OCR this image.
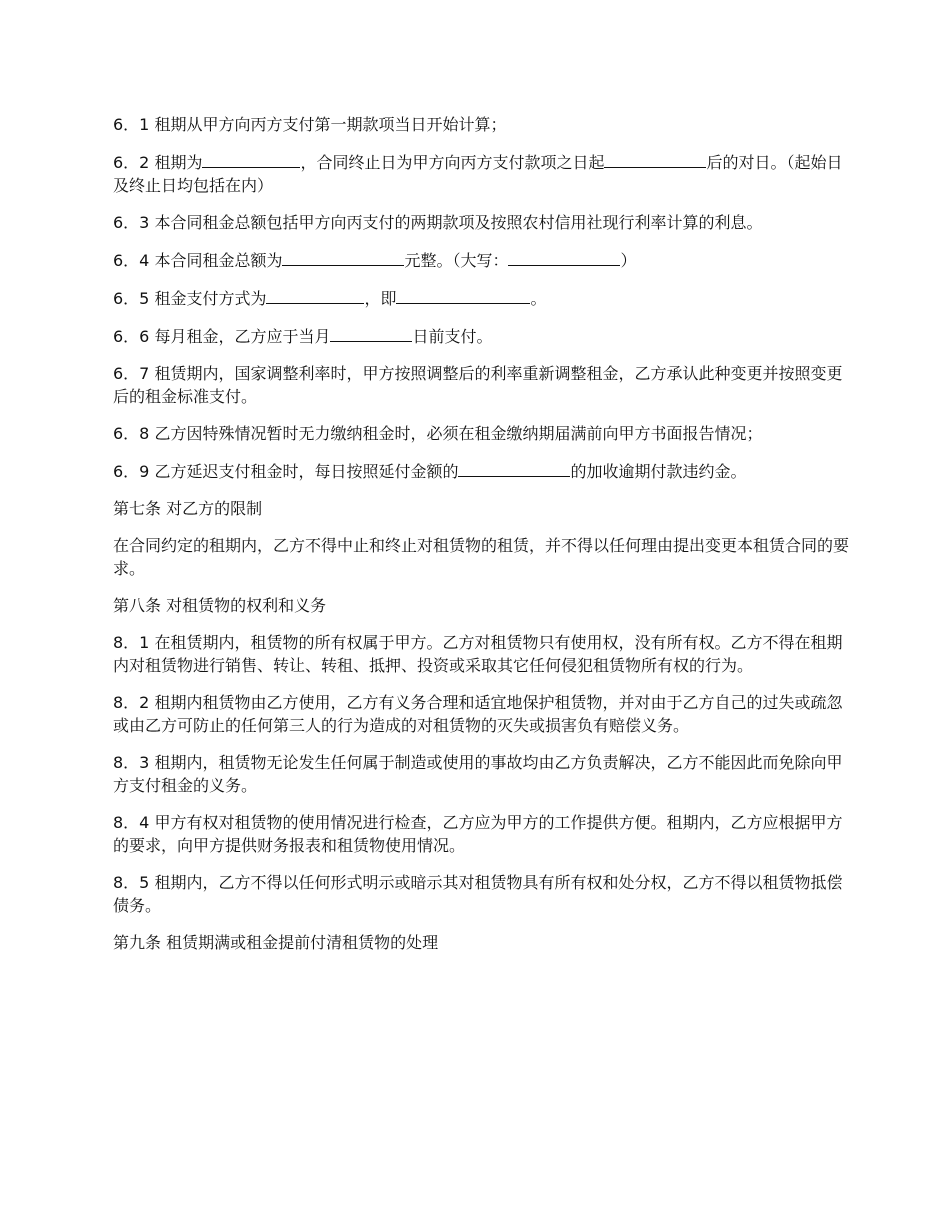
6．1 租期从甲方向丙方支付第一期款项当日开始计算；

6．2 租期为	，合同终止日为甲方向丙方支付款项之日起	后的对日。（起始日及终止日均包括在内）

6．3 本合同租金总额包括甲方向丙支付的两期款项及按照农村信用社现行利率计算的利息。

6．4 本合同租金总额为	元整。（大写：	）

6．5 租金支付方式为	，即	。

6．6 每月租金，乙方应于当月	日前支付。

6．7 租赁期内，国家调整利率时，甲方按照调整后的利率重新调整租金，乙方承认此种变更并按照变更后的租金标准支付。

6．8 乙方因特殊情况暂时无力缴纳租金时，必须在租金缴纳期届满前向甲方书面报告情况；

6．9 乙方延迟支付租金时，每日按照延付金额的	的加收逾期付款违约金。

第七条 对乙方的限制

在合同约定的租期内，乙方不得中止和终止对租赁物的租赁，并不得以任何理由提出变更本租赁合同的要求。

第八条 对租赁物的权利和义务

8．1 在租赁期内，租赁物的所有权属于甲方。乙方对租赁物只有使用权，没有所有权。乙方不得在租期内对租赁物进行销售、转让、转租、抵押、投资或采取其它任何侵犯租赁物所有权的行为。

8．2 租期内租赁物由乙方使用，乙方有义务合理和适宜地保护租赁物，并对由于乙方自己的过失或疏忽或由乙方可防止的任何第三人的行为造成的对租赁物的灭失或损害负有赔偿义务。

8．3 租期内，租赁物无论发生任何属于制造或使用的事故均由乙方负责解决，乙方不能因此而免除向甲方支付租金的义务。

8．4 甲方有权对租赁物的使用情况进行检查，乙方应为甲方的工作提供方便。租期内，乙方应根据甲方的要求，向甲方提供财务报表和租赁物使用情况。

8．5 租期内，乙方不得以任何形式明示或暗示其对租赁物具有所有权和处分权，乙方不得以租赁物抵偿债务。

第九条 租赁期满或租金提前付清租赁物的处理
